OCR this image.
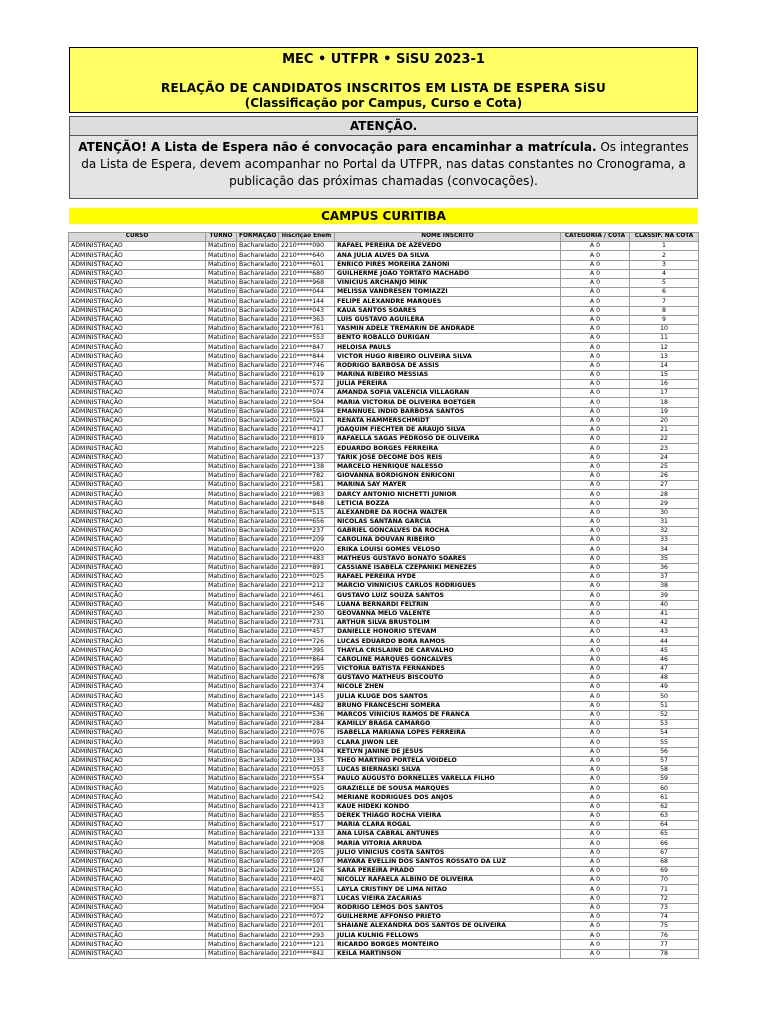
MEC • UTFPR • SiSU 2023-1
RELAÇÃO DE CANDIDATOS INSCRITOS EM LISTA DE ESPERA SiSU
(Classificação por Campus, Curso e Cota)
ATENÇÃO.
ATENÇÃO! A Lista de Espera não é convocação para encaminhar a matrícula. Os integrantes da Lista de Espera, devem acompanhar no Portal da UTFPR, nas datas constantes no Cronograma, a publicação das próximas chamadas (convocações).
CAMPUS CURITIBA
CURSO	TURNO	FORMAÇÃO	Inscrição Enem	NOME INSCRITO	CATEGORIA / COTA	CLASSIF. NA COTA
ADMINISTRAÇÃO	Matutino	Bacharelado	2210*****090	RAFAEL PEREIRA DE AZEVEDO	A 0	1
ADMINISTRAÇÃO	Matutino	Bacharelado	2210*****640	ANA JULIA ALVES DA SILVA	A 0	2
ADMINISTRAÇÃO	Matutino	Bacharelado	2210*****601	ENRICO PIRES MOREIRA ZANONI	A 0	3
ADMINISTRAÇÃO	Matutino	Bacharelado	2210*****680	GUILHERME JOAO TORTATO MACHADO	A 0	4
ADMINISTRAÇÃO	Matutino	Bacharelado	2210*****968	VINICIUS ARCHANJO MINK	A 0	5
ADMINISTRAÇÃO	Matutino	Bacharelado	2210*****044	MELISSA VANDRESEN TOMIAZZI	A 0	6
ADMINISTRAÇÃO	Matutino	Bacharelado	2210*****144	FELIPE ALEXANDRE MARQUES	A 0	7
ADMINISTRAÇÃO	Matutino	Bacharelado	2210*****043	KAUA SANTOS SOARES	A 0	8
ADMINISTRAÇÃO	Matutino	Bacharelado	2210*****363	LUIS GUSTAVO AGUILERA	A 0	9
ADMINISTRAÇÃO	Matutino	Bacharelado	2210*****761	YASMIN ADELE TREMARIN DE ANDRADE	A 0	10
ADMINISTRAÇÃO	Matutino	Bacharelado	2210*****553	BENTO ROBALLO DURIGAN	A 0	11
ADMINISTRAÇÃO	Matutino	Bacharelado	2210*****847	HELOISA PAULS	A 0	12
ADMINISTRAÇÃO	Matutino	Bacharelado	2210*****844	VICTOR HUGO RIBEIRO OLIVEIRA SILVA	A 0	13
ADMINISTRAÇÃO	Matutino	Bacharelado	2210*****746	RODRIGO BARBOSA DE ASSIS	A 0	14
ADMINISTRAÇÃO	Matutino	Bacharelado	2210*****619	MARINA RIBEIRO MESSIAS	A 0	15
ADMINISTRAÇÃO	Matutino	Bacharelado	2210*****572	JULIA PEREIRA	A 0	16
ADMINISTRAÇÃO	Matutino	Bacharelado	2210*****074	AMANDA SOFIA VALENCIA VILLAGRAN	A 0	17
ADMINISTRAÇÃO	Matutino	Bacharelado	2210*****504	MARIA VICTORIA DE OLIVEIRA BOETGER	A 0	18
ADMINISTRAÇÃO	Matutino	Bacharelado	2210*****594	EMANNUEL INDIO BARBOSA SANTOS	A 0	19
ADMINISTRAÇÃO	Matutino	Bacharelado	2210*****021	RENATA HAMMERSCHMIDT	A 0	20
ADMINISTRAÇÃO	Matutino	Bacharelado	2210*****417	JOAQUIM FIECHTER DE ARAUJO SILVA	A 0	21
ADMINISTRAÇÃO	Matutino	Bacharelado	2210*****819	RAFAELLA SAGAS PEDROSO DE OLIVEIRA	A 0	22
ADMINISTRAÇÃO	Matutino	Bacharelado	2210*****225	EDUARDO BORGES FERREIRA	A 0	23
ADMINISTRAÇÃO	Matutino	Bacharelado	2210*****137	TARIK JOSE DECOME DOS REIS	A 0	24
ADMINISTRAÇÃO	Matutino	Bacharelado	2210*****138	MARCELO HENRIQUE NALESSO	A 0	25
ADMINISTRAÇÃO	Matutino	Bacharelado	2210*****782	GIOVANNA BORDIGNON ENRICONI	A 0	26
ADMINISTRAÇÃO	Matutino	Bacharelado	2210*****581	MARINA SAY MAYER	A 0	27
ADMINISTRAÇÃO	Matutino	Bacharelado	2210*****983	DARCY ANTONIO NICHETTI JUNIOR	A 0	28
ADMINISTRAÇÃO	Matutino	Bacharelado	2210*****848	LETICIA BOZZA	A 0	29
ADMINISTRAÇÃO	Matutino	Bacharelado	2210*****515	ALEXANDRE DA ROCHA WALTER	A 0	30
ADMINISTRAÇÃO	Matutino	Bacharelado	2210*****656	NICOLAS SANTANA GARCIA	A 0	31
ADMINISTRAÇÃO	Matutino	Bacharelado	2210*****237	GABRIEL GONCALVES DA ROCHA	A 0	32
ADMINISTRAÇÃO	Matutino	Bacharelado	2210*****209	CAROLINA DOUVAN RIBEIRO	A 0	33
ADMINISTRAÇÃO	Matutino	Bacharelado	2210*****920	ERIKA LOUISI GOMES VELOSO	A 0	34
ADMINISTRAÇÃO	Matutino	Bacharelado	2210*****483	MATHEUS GUSTAVO BONATO SOARES	A 0	35
ADMINISTRAÇÃO	Matutino	Bacharelado	2210*****891	CASSIANE ISABELA CZEPANIKI MENEZES	A 0	36
ADMINISTRAÇÃO	Matutino	Bacharelado	2210*****025	RAFAEL PEREIRA HYDE	A 0	37
ADMINISTRAÇÃO	Matutino	Bacharelado	2210*****212	MARCIO VINNICIUS CARLOS RODRIGUES	A 0	38
ADMINISTRAÇÃO	Matutino	Bacharelado	2210*****461	GUSTAVO LUIZ SOUZA SANTOS	A 0	39
ADMINISTRAÇÃO	Matutino	Bacharelado	2210*****546	LUANA BERNARDI FELTRIN	A 0	40
ADMINISTRAÇÃO	Matutino	Bacharelado	2210*****230	GEOVANNA MELO VALENTE	A 0	41
ADMINISTRAÇÃO	Matutino	Bacharelado	2210*****731	ARTHUR SILVA BRUSTOLIM	A 0	42
ADMINISTRAÇÃO	Matutino	Bacharelado	2210*****457	DANIELLE HONORIO STEVAM	A 0	43
ADMINISTRAÇÃO	Matutino	Bacharelado	2210*****726	LUCAS EDUARDO BORA RAMOS	A 0	44
ADMINISTRAÇÃO	Matutino	Bacharelado	2210*****395	THAYLA CRISLAINE DE CARVALHO	A 0	45
ADMINISTRAÇÃO	Matutino	Bacharelado	2210*****864	CAROLINE MARQUES GONCALVES	A 0	46
ADMINISTRAÇÃO	Matutino	Bacharelado	2210*****295	VICTORIA BATISTA FERNANDES	A 0	47
ADMINISTRAÇÃO	Matutino	Bacharelado	2210*****678	GUSTAVO MATHEUS BISCOUTO	A 0	48
ADMINISTRAÇÃO	Matutino	Bacharelado	2210*****374	NICOLE ZHEN	A 0	49
ADMINISTRAÇÃO	Matutino	Bacharelado	2210*****145	JULIA KLUGE DOS SANTOS	A 0	50
ADMINISTRAÇÃO	Matutino	Bacharelado	2210*****482	BRUNO FRANCESCHI SOMERA	A 0	51
ADMINISTRAÇÃO	Matutino	Bacharelado	2210*****536	MARCOS VINICIUS RAMOS DE FRANCA	A 0	52
ADMINISTRAÇÃO	Matutino	Bacharelado	2210*****284	KAMILLY BRAGA CAMARGO	A 0	53
ADMINISTRAÇÃO	Matutino	Bacharelado	2210*****076	ISABELLA MARIANA LOPES FERREIRA	A 0	54
ADMINISTRAÇÃO	Matutino	Bacharelado	2210*****993	CLARA JIWON LEE	A 0	55
ADMINISTRAÇÃO	Matutino	Bacharelado	2210*****094	KETLYN JANINE DE JESUS	A 0	56
ADMINISTRAÇÃO	Matutino	Bacharelado	2210*****135	THEO MARTINO PORTELA VOIDELO	A 0	57
ADMINISTRAÇÃO	Matutino	Bacharelado	2210*****053	LUCAS BIERNASKI SILVA	A 0	58
ADMINISTRAÇÃO	Matutino	Bacharelado	2210*****554	PAULO AUGUSTO DORNELLES VARELLA FILHO	A 0	59
ADMINISTRAÇÃO	Matutino	Bacharelado	2210*****925	GRAZIELLE DE SOUSA MARQUES	A 0	60
ADMINISTRAÇÃO	Matutino	Bacharelado	2210*****542	MERIANE RODRIGUES DOS ANJOS	A 0	61
ADMINISTRAÇÃO	Matutino	Bacharelado	2210*****413	KAUE HIDEKI KONDO	A 0	62
ADMINISTRAÇÃO	Matutino	Bacharelado	2210*****855	DEREK THIAGO ROCHA VIEIRA	A 0	63
ADMINISTRAÇÃO	Matutino	Bacharelado	2210*****517	MARIA CLARA ROGAL	A 0	64
ADMINISTRAÇÃO	Matutino	Bacharelado	2210*****133	ANA LUISA CABRAL ANTUNES	A 0	65
ADMINISTRAÇÃO	Matutino	Bacharelado	2210*****908	MARIA VITORIA ARRUDA	A 0	66
ADMINISTRAÇÃO	Matutino	Bacharelado	2210*****205	JULIO VINICIUS COSTA SANTOS	A 0	67
ADMINISTRAÇÃO	Matutino	Bacharelado	2210*****597	MAYARA EVELLIN DOS SANTOS ROSSATO DA LUZ	A 0	68
ADMINISTRAÇÃO	Matutino	Bacharelado	2210*****126	SARA PEREIRA PRADO	A 0	69
ADMINISTRAÇÃO	Matutino	Bacharelado	2210*****402	NICOLLY RAFAELA ALBINO DE OLIVEIRA	A 0	70
ADMINISTRAÇÃO	Matutino	Bacharelado	2210*****551	LAYLA CRISTINY DE LIMA NITAO	A 0	71
ADMINISTRAÇÃO	Matutino	Bacharelado	2210*****871	LUCAS VIEIRA ZACARIAS	A 0	72
ADMINISTRAÇÃO	Matutino	Bacharelado	2210*****904	RODRIGO LEMOS DOS SANTOS	A 0	73
ADMINISTRAÇÃO	Matutino	Bacharelado	2210*****072	GUILHERME AFFONSO PRIETO	A 0	74
ADMINISTRAÇÃO	Matutino	Bacharelado	2210*****201	SHAIANE ALEXANDRA DOS SANTOS DE OLIVEIRA	A 0	75
ADMINISTRAÇÃO	Matutino	Bacharelado	2210*****293	JULIA KULNIG FELLOWS	A 0	76
ADMINISTRAÇÃO	Matutino	Bacharelado	2210*****121	RICARDO BORGES MONTEIRO	A 0	77
ADMINISTRAÇÃO	Matutino	Bacharelado	2210*****842	KEILA MARTINSON	A 0	78
